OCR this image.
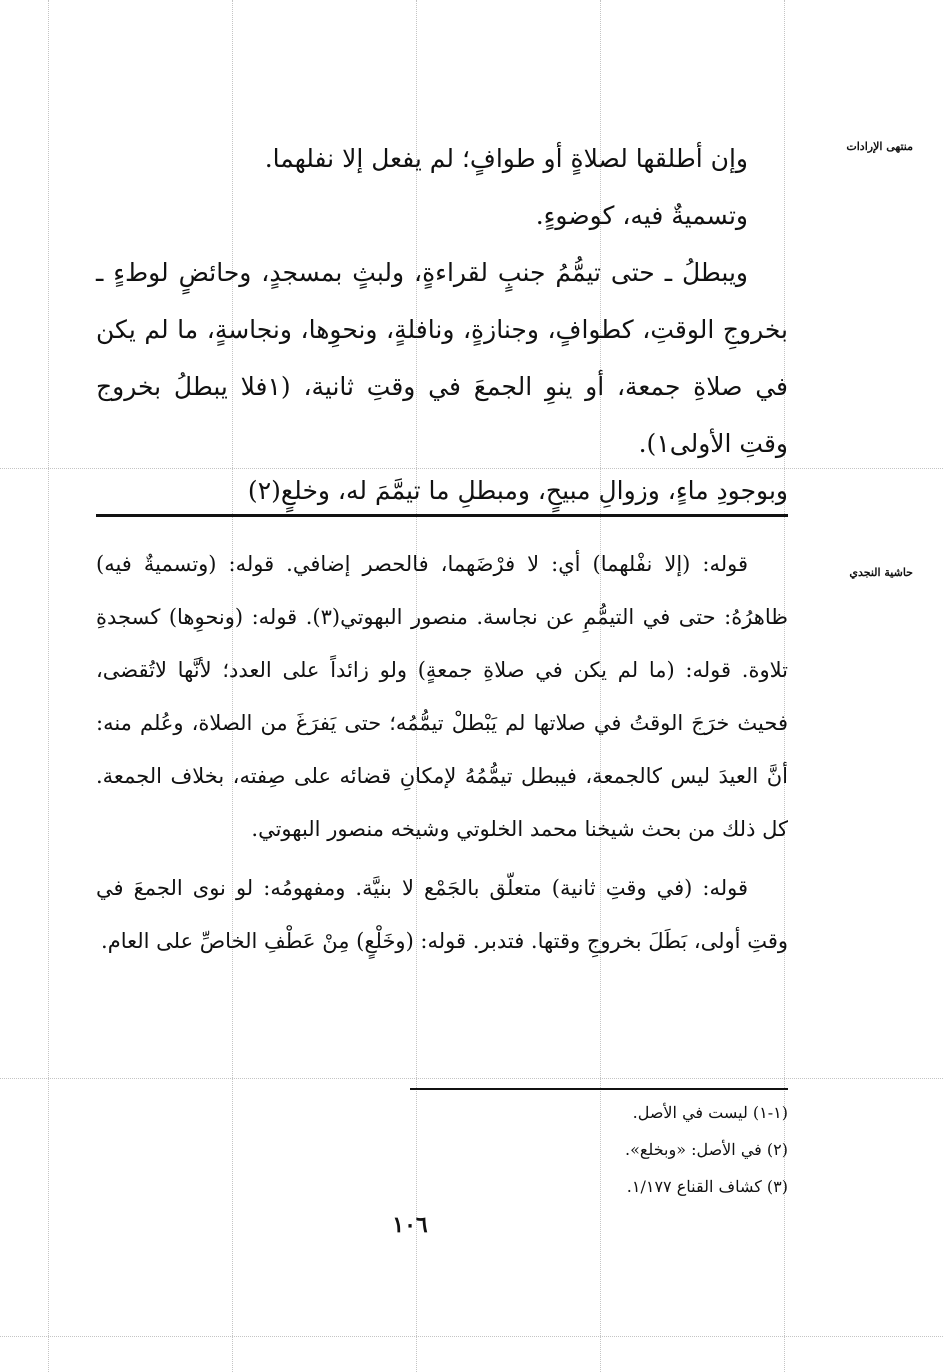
منتهى الإرادات
حاشية النجدي

وإن أطلقها لصلاةٍ أو طوافٍ؛ لم يفعل إلا نفلهما.

وتسميةٌ فيه، كوضوءٍ.

ويبطلُ ـ حتى تيمُّمُ جنبٍ لقراءةٍ، ولبثٍ بمسجدٍ، وحائضٍ لوطءٍ ـ بخروجِ الوقتِ، كطوافٍ، وجنازةٍ، ونافلةٍ، ونحوِها، ونجاسةٍ، ما لم يكن في صلاةِ جمعة، أو ينوِ الجمعَ في وقتِ ثانية، (١فلا يبطلُ بخروج وقتِ الأولى١).

وبوجودِ ماءٍ، وزوالِ مبيحٍ، ومبطلِ ما تيمَّمَ له، وخلعٍ(٢)

قوله: (إلا نفْلهما) أي: لا فرْضَهما، فالحصر إضافي. قوله: (وتسميةٌ فيه) ظاهرُهُ: حتى في التيمُّمِ عن نجاسة. منصور البهوتي(٣). قوله: (ونحوِها) كسجدةِ تلاوة. قوله: (ما لم يكن في صلاةِ جمعةٍ) ولو زائداً على العدد؛ لأنَّها لاتُقضى، فحيث خرَجَ الوقتُ في صلاتها لم يَبْطلْ تيمُّمُه؛ حتى يَفرَغَ من الصلاة، وعُلم منه: أنَّ العيدَ ليس كالجمعة، فيبطل تيمُّمُهُ لإمكانِ قضائه على صِفته، بخلاف الجمعة. كل ذلك من بحث شيخنا محمد الخلوتي وشيخه منصور البهوتي.

قوله: (في وقتِ ثانية) متعلّق بالجَمْع لا بنيَّة. ومفهومُه: لو نوى الجمعَ في وقتِ أولى، بَطَلَ بخروجِ وقتها. فتدبر. قوله: (وخَلْعٍ) مِنْ عَطْفِ الخاصِّ على العام.

(١-١) ليست في الأصل.
(٢) في الأصل: «وبخلع».
(٣) كشاف القناع ١/١٧٧.
١٠٦
